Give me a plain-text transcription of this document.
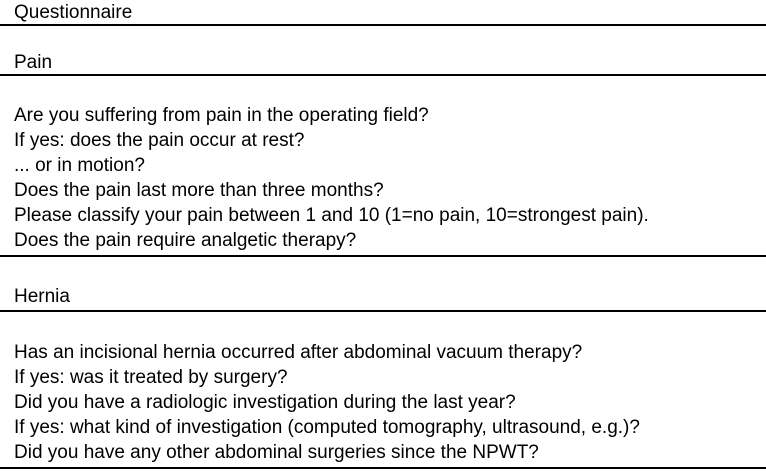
Questionnaire

Pain

Are you suffering from pain in the operating field?

If yes: does the pain occur at rest?

... or in motion?

Does the pain last more than three months?

Please classify your pain between 1 and 10 (1=no pain, 10=strongest pain).

Does the pain require analgetic therapy?

Hernia

Has an incisional hernia occurred after abdominal vacuum therapy?

If yes: was it treated by surgery?

Did you have a radiologic investigation during the last year?

If yes: what kind of investigation (computed tomography, ultrasound, e.g.)?

Did you have any other abdominal surgeries since the NPWT?
